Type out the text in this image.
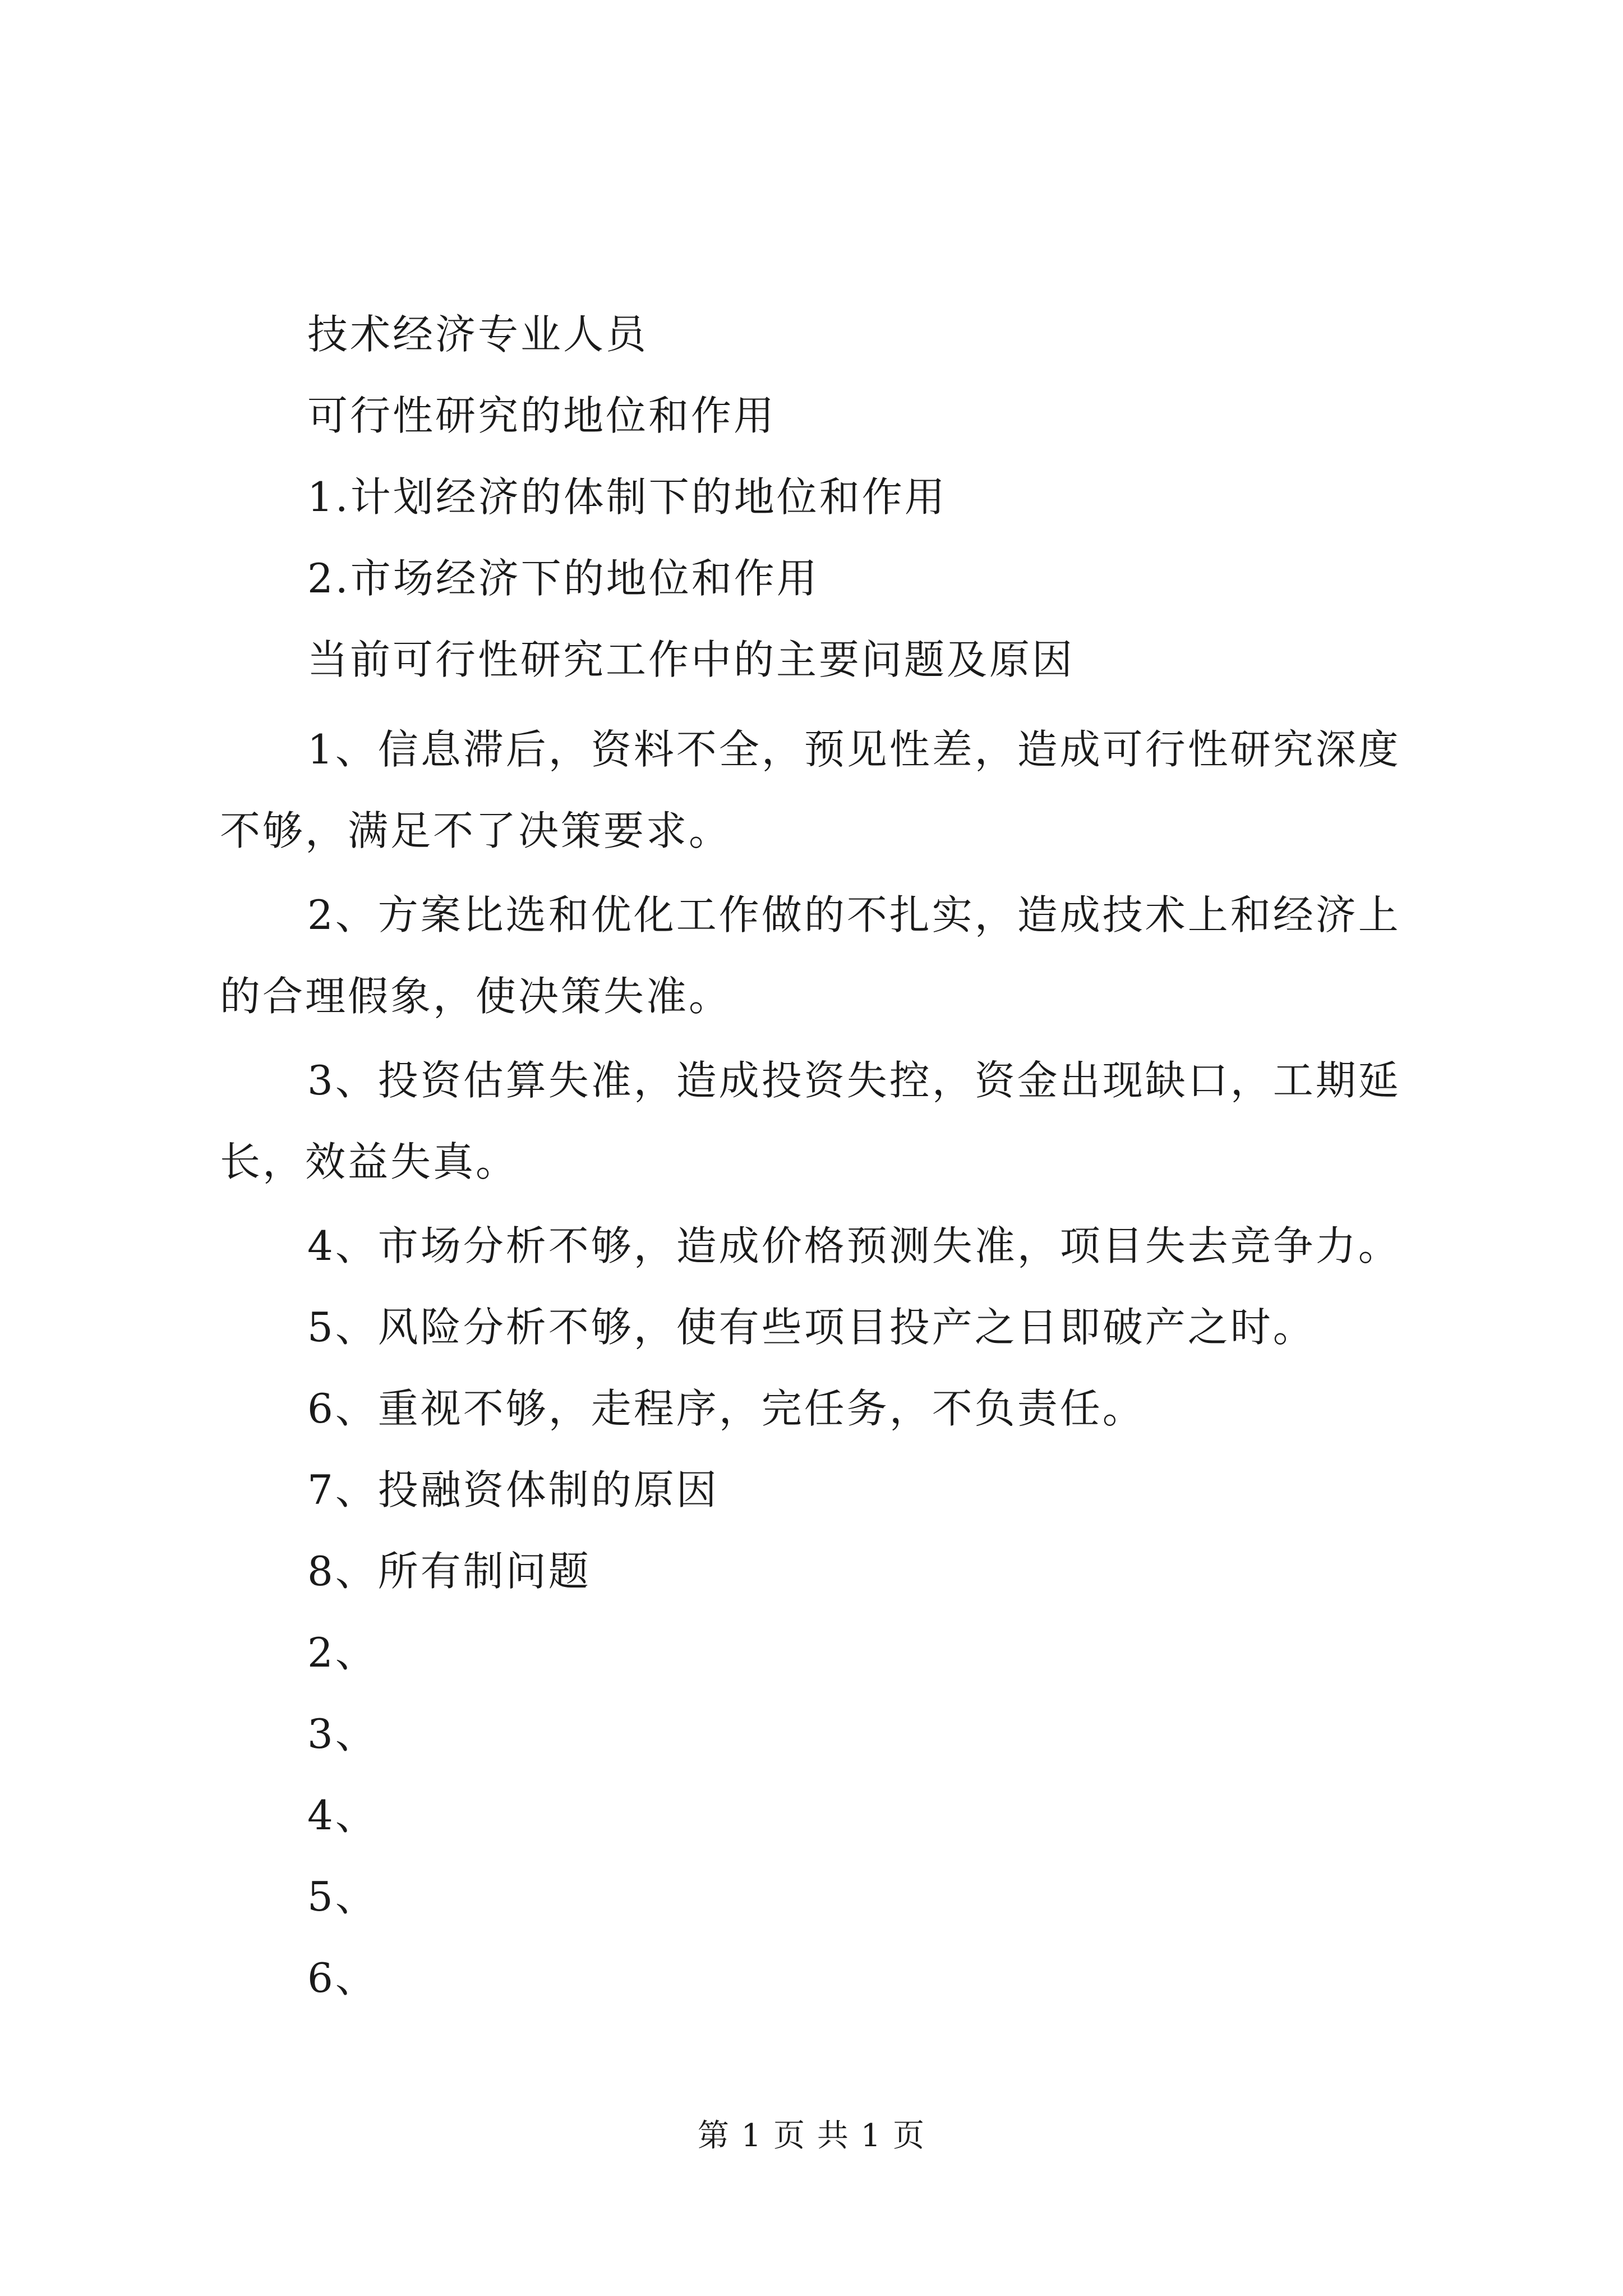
技术经济专业人员
可行性研究的地位和作用
1.计划经济的体制下的地位和作用
2.市场经济下的地位和作用
当前可行性研究工作中的主要问题及原因
1、信息滞后，资料不全，预见性差，造成可行性研究深度
不够，满足不了决策要求。
2、方案比选和优化工作做的不扎实，造成技术上和经济上
的合理假象，使决策失准。
3、投资估算失准，造成投资失控，资金出现缺口，工期延
长，效益失真。
4、市场分析不够，造成价格预测失准，项目失去竞争力。
5、风险分析不够，使有些项目投产之日即破产之时。
6、重视不够，走程序，完任务，不负责任。
7、投融资体制的原因
8、所有制问题
2、
3、
4、
5、
6、
第 1 页 共 1 页
